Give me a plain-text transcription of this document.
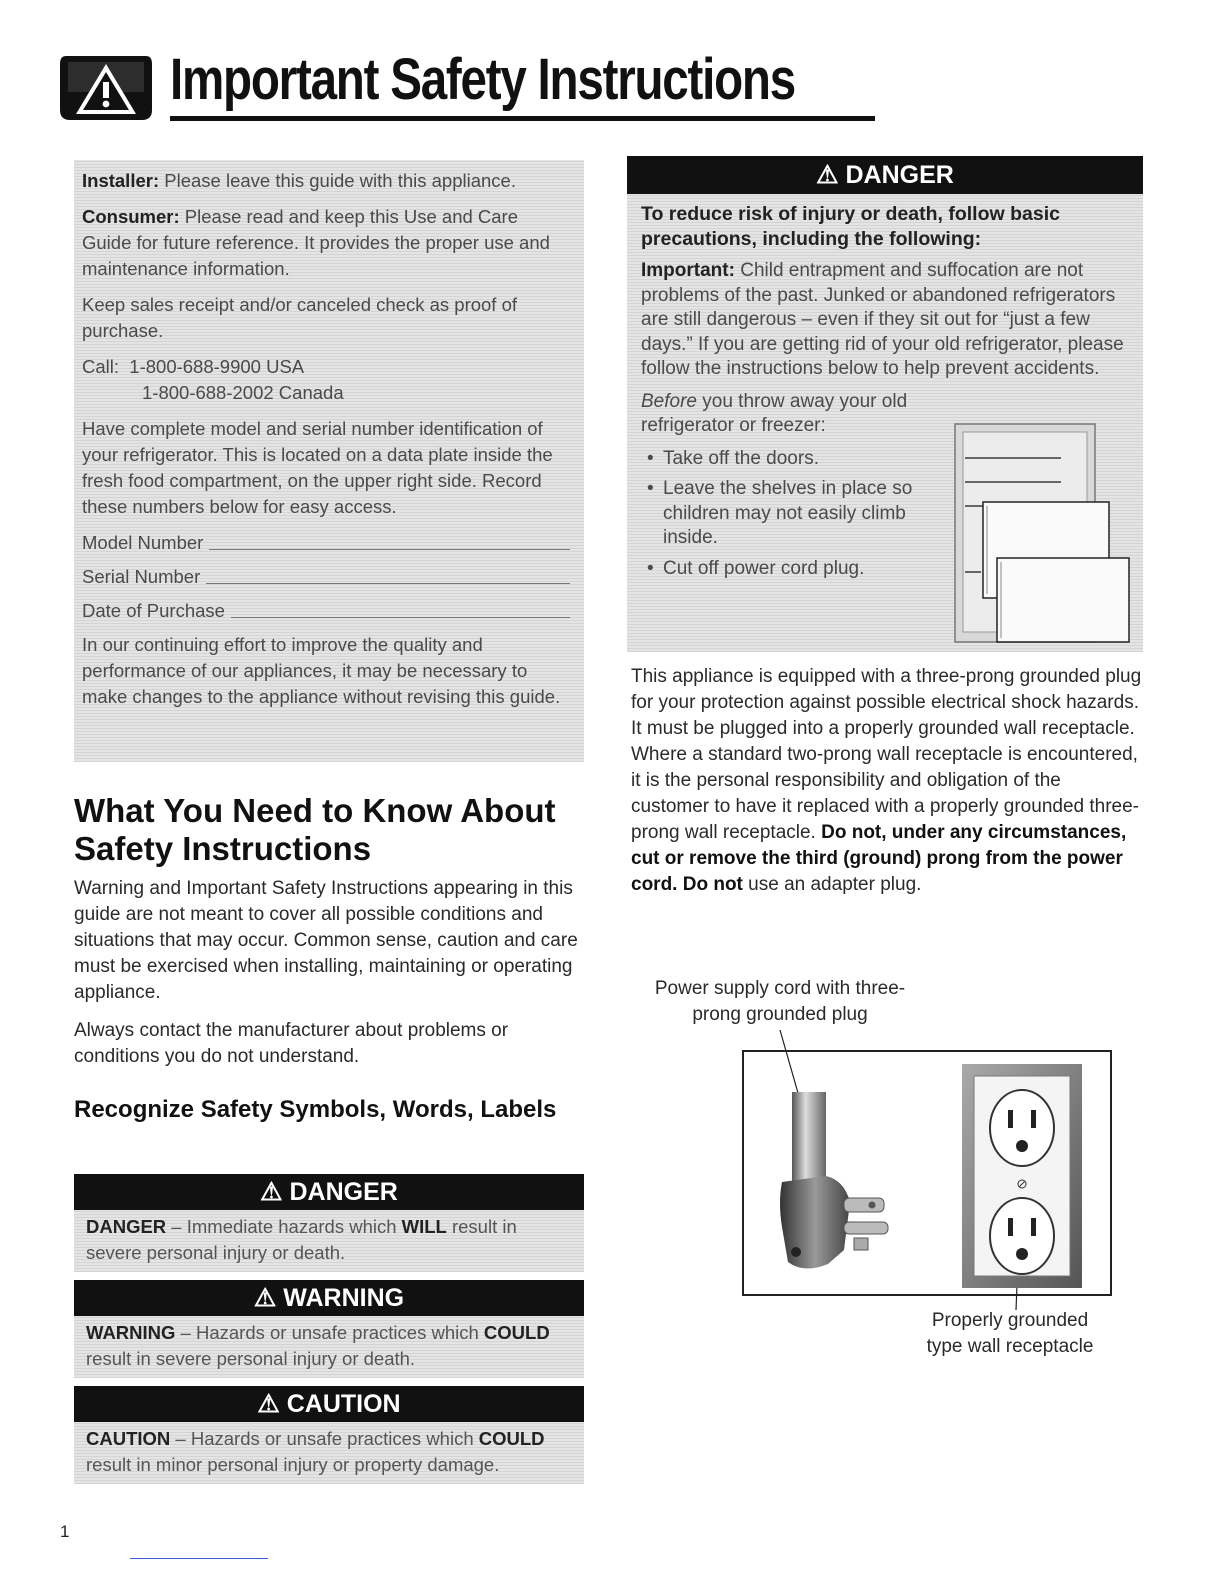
Important Safety Instructions

Installer: Please leave this guide with this appliance.

Consumer: Please read and keep this Use and Care Guide for future reference. It provides the proper use and maintenance information.

Keep sales receipt and/or canceled check as proof of purchase.

Call: 1-800-688-9900 USA

1-800-688-2002 Canada

Have complete model and serial number identification of your refrigerator. This is located on a data plate inside the fresh food compartment, on the upper right side. Record these numbers below for easy access.

Model Number
Serial Number
Date of Purchase

In our continuing effort to improve the quality and performance of our appliances, it may be necessary to make changes to the appliance without revising this guide.

What You Need to Know About Safety Instructions

Warning and Important Safety Instructions appearing in this guide are not meant to cover all possible conditions and situations that may occur. Common sense, caution and care must be exercised when installing, maintaining or operating appliance.

Always contact the manufacturer about problems or conditions you do not understand.

Recognize Safety Symbols, Words, Labels
⚠ DANGER
DANGER – Immediate hazards which WILL result in severe personal injury or death.
⚠ WARNING
WARNING – Hazards or unsafe practices which COULD result in severe personal injury or death.
⚠ CAUTION
CAUTION – Hazards or unsafe practices which COULD result in minor personal injury or property damage.
⚠ DANGER

To reduce risk of injury or death, follow basic precautions, including the following:

Important: Child entrapment and suffocation are not problems of the past. Junked or abandoned refrigerators are still dangerous – even if they sit out for “just a few days.” If you are getting rid of your old refrigerator, please follow the instructions below to help prevent accidents.

Before you throw away your old refrigerator or freezer:

• Take off the doors.
• Leave the shelves in place so children may not easily climb inside.
• Cut off power cord plug.

This appliance is equipped with a three-prong grounded plug for your protection against possible electrical shock hazards. It must be plugged into a properly grounded wall receptacle. Where a standard two-prong wall receptacle is encountered, it is the personal responsibility and obligation of the customer to have it replaced with a properly grounded three-prong wall receptacle. Do not, under any circumstances, cut or remove the third (ground) prong from the power cord. Do not use an adapter plug.

Power supply cord with three-prong grounded plug
Properly grounded type wall receptacle
1
